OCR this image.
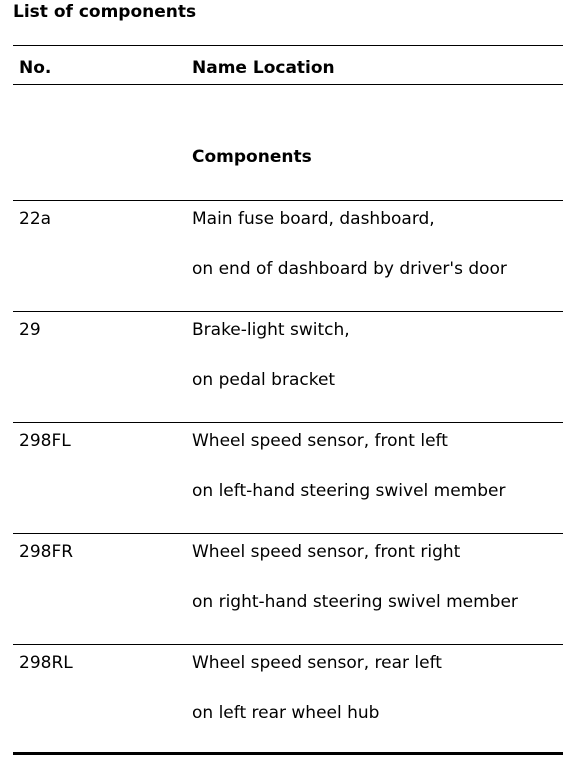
List of components
No.	Name Location
Components
22a	Main fuse board, dashboard,
on end of dashboard by driver's door
29	Brake-light switch,
on pedal bracket
298FL	Wheel speed sensor, front left
on left-hand steering swivel member
298FR	Wheel speed sensor, front right
on right-hand steering swivel member
298RL	Wheel speed sensor, rear left
on left rear wheel hub
